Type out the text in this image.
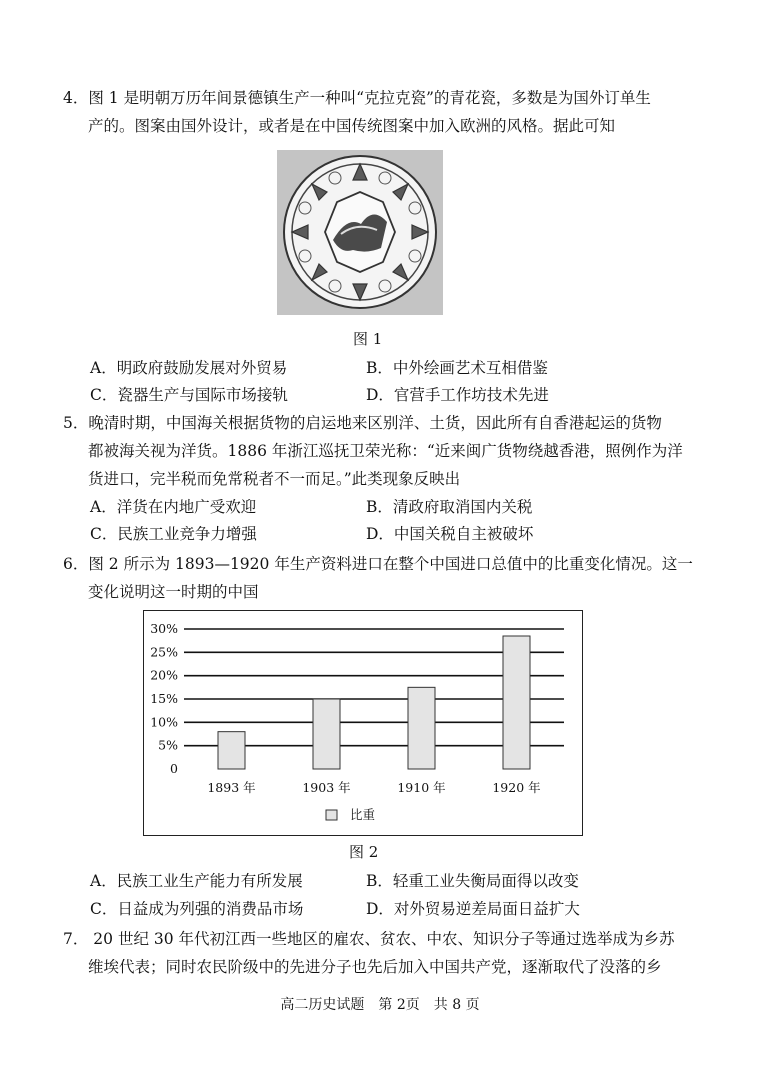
4．图 1 是明朝万历年间景德镇生产一种叫“克拉克瓷”的青花瓷，多数是为国外订单生
产的。图案由国外设计，或者是在中国传统图案中加入欧洲的风格。据此可知
图 1
A．明政府鼓励发展对外贸易	B．中外绘画艺术互相借鉴
C．瓷器生产与国际市场接轨	D．官营手工作坊技术先进
5．晚清时期，中国海关根据货物的启运地来区别洋、土货，因此所有自香港起运的货物
都被海关视为洋货。1886 年浙江巡抚卫荣光称：“近来闽广货物绕越香港，照例作为洋
货进口，完半税而免常税者不一而足。”此类现象反映出
A．洋货在内地广受欢迎	B．清政府取消国内关税
C．民族工业竞争力增强	D．中国关税自主被破坏
6．图 2 所示为 1893—1920 年生产资料进口在整个中国进口总值中的比重变化情况。这一
变化说明这一时期的中国
0
5%
10%
15%
20%
25%
30%
1893 年	1903 年	1910 年	1920 年
比重
图 2
A．民族工业生产能力有所发展	B．轻重工业失衡局面得以改变
C．日益成为列强的消费品市场	D．对外贸易逆差局面日益扩大
7． 20 世纪 30 年代初江西一些地区的雇农、贫农、中农、知识分子等通过选举成为乡苏
维埃代表；同时农民阶级中的先进分子也先后加入中国共产党，逐渐取代了没落的乡
高二历史试题　第 2页　共 8 页
